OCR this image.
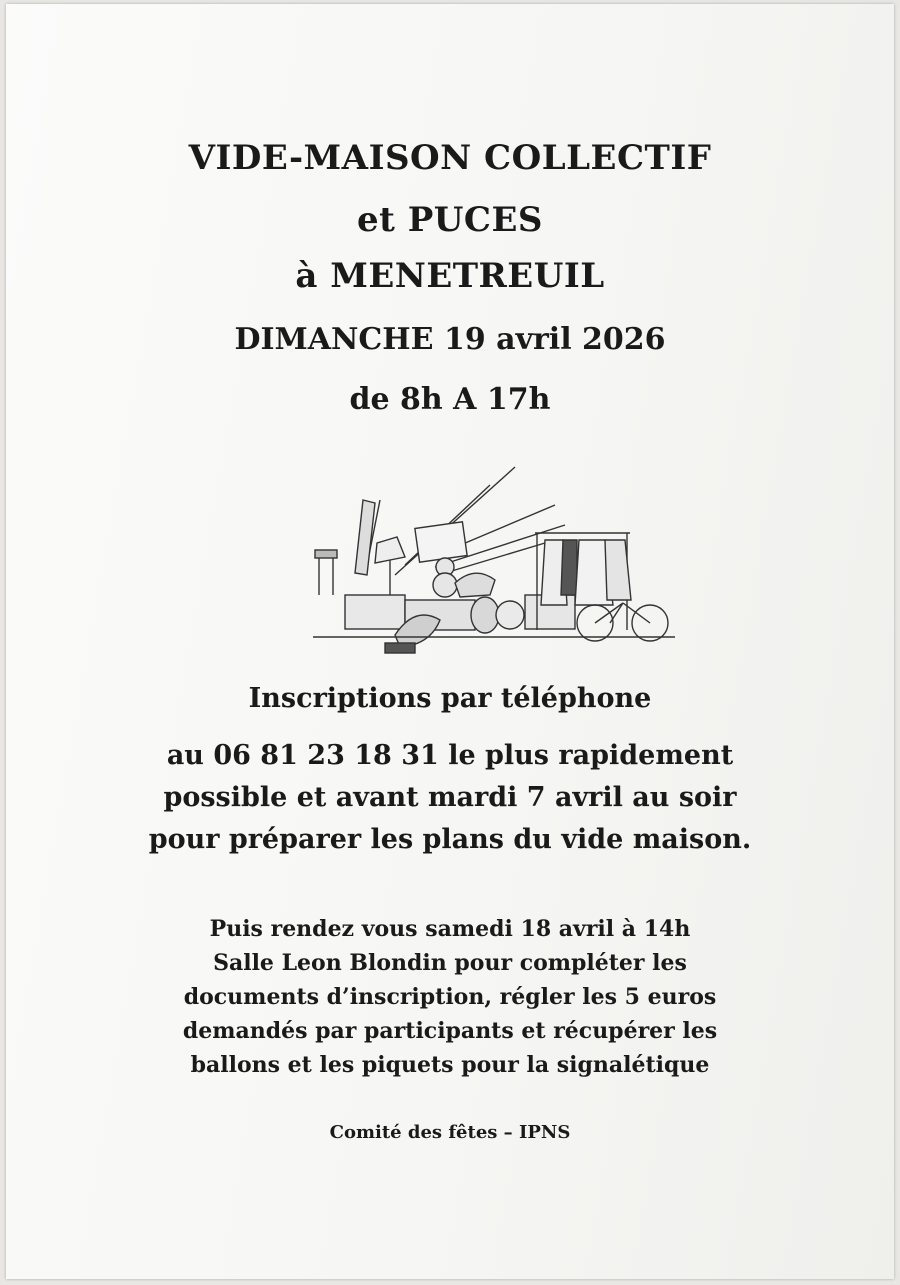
VIDE-MAISON COLLECTIF
et PUCES
à MENETREUIL
DIMANCHE 19 avril 2026
de 8h A 17h
Inscriptions par téléphone
au 06 81 23 18 31 le plus rapidement
possible et avant mardi 7 avril au soir
pour préparer les plans du vide maison.
Puis rendez vous samedi 18 avril à 14h
Salle Leon Blondin pour compléter les
documents d’inscription, régler les 5 euros
demandés par participants et récupérer les
ballons et les piquets pour la signalétique
Comité des fêtes – IPNS
